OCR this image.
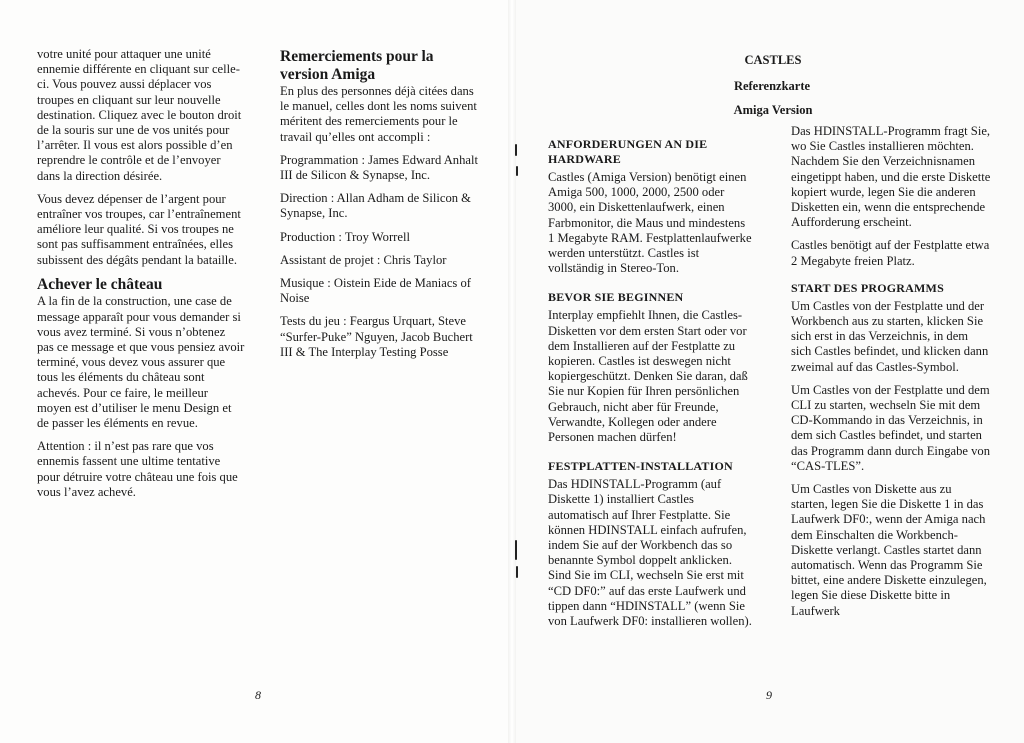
votre unité pour attaquer une unité ennemie différente en cliquant sur celle-ci. Vous pouvez aussi déplacer vos troupes en cliquant sur leur nouvelle destination. Cliquez avec le bouton droit de la souris sur une de vos unités pour l’arrêter. Il vous est alors possible d’en reprendre le contrôle et de l’envoyer dans la direction désirée.

Vous devez dépenser de l’argent pour entraîner vos troupes, car l’entraînement améliore leur qualité. Si vos troupes ne sont pas suffisamment entraînées, elles subissent des dégâts pendant la bataille.

Achever le château

A la fin de la construction, une case de message apparaît pour vous demander si vous avez terminé. Si vous n’obtenez pas ce message et que vous pensiez avoir terminé, vous devez vous assurer que tous les éléments du château sont achevés. Pour ce faire, le meilleur moyen est d’utiliser le menu Design et de passer les éléments en revue.

Attention : il n’est pas rare que vos ennemis fassent une ultime tentative pour détruire votre château une fois que vous l’avez achevé.

Remerciements pour la version Amiga

En plus des personnes déjà citées dans le manuel, celles dont les noms suivent méritent des remerciements pour le travail qu’elles ont accompli :

Programmation : James Edward Anhalt III de Silicon & Synapse, Inc.

Direction : Allan Adham de Silicon & Synapse, Inc.

Production : Troy Worrell

Assistant de projet : Chris Taylor

Musique : Oistein Eide de Maniacs of Noise

Tests du jeu : Feargus Urquart, Steve “Surfer-Puke” Nguyen, Jacob Buchert III & The Interplay Testing Posse

8
CASTLES
Referenzkarte
Amiga Version
ANFORDERUNGEN AN DIE HARDWARE

Castles (Amiga Version) benötigt einen Amiga 500, 1000, 2000, 2500 oder 3000, ein Diskettenlaufwerk, einen Farbmonitor, die Maus und mindestens 1 Megabyte RAM. Festplattenlaufwerke werden unterstützt. Castles ist vollständig in Stereo-Ton.

BEVOR SIE BEGINNEN

Interplay empfiehlt Ihnen, die Castles-Disketten vor dem ersten Start oder vor dem Installieren auf der Festplatte zu kopieren. Castles ist deswegen nicht kopiergeschützt. Denken Sie daran, daß Sie nur Kopien für Ihren persönlichen Gebrauch, nicht aber für Freunde, Verwandte, Kollegen oder andere Personen machen dürfen!

FESTPLATTEN-INSTALLATION

Das HDINSTALL-Programm (auf Diskette 1) installiert Castles automatisch auf Ihrer Festplatte. Sie können HDINSTALL einfach aufrufen, indem Sie auf der Workbench das so benannte Symbol doppelt anklicken. Sind Sie im CLI, wechseln Sie erst mit “CD DF0:” auf das erste Laufwerk und tippen dann “HDINSTALL” (wenn Sie von Laufwerk DF0: installieren wollen).

Das HDINSTALL-Programm fragt Sie, wo Sie Castles installieren möchten. Nachdem Sie den Verzeichnisnamen eingetippt haben, und die erste Diskette kopiert wurde, legen Sie die anderen Disketten ein, wenn die entsprechende Aufforderung erscheint.

Castles benötigt auf der Festplatte etwa 2 Megabyte freien Platz.

START DES PROGRAMMS

Um Castles von der Festplatte und der Workbench aus zu starten, klicken Sie sich erst in das Verzeichnis, in dem sich Castles befindet, und klicken dann zweimal auf das Castles-Symbol.

Um Castles von der Festplatte und dem CLI zu starten, wechseln Sie mit dem CD-Kommando in das Verzeichnis, in dem sich Castles befindet, und starten das Programm dann durch Eingabe von “CAS-TLES”.

Um Castles von Diskette aus zu starten, legen Sie die Diskette 1 in das Laufwerk DF0:, wenn der Amiga nach dem Einschalten die Workbench-Diskette verlangt. Castles startet dann automatisch. Wenn das Programm Sie bittet, eine andere Diskette einzulegen, legen Sie diese Diskette bitte in Laufwerk

9
